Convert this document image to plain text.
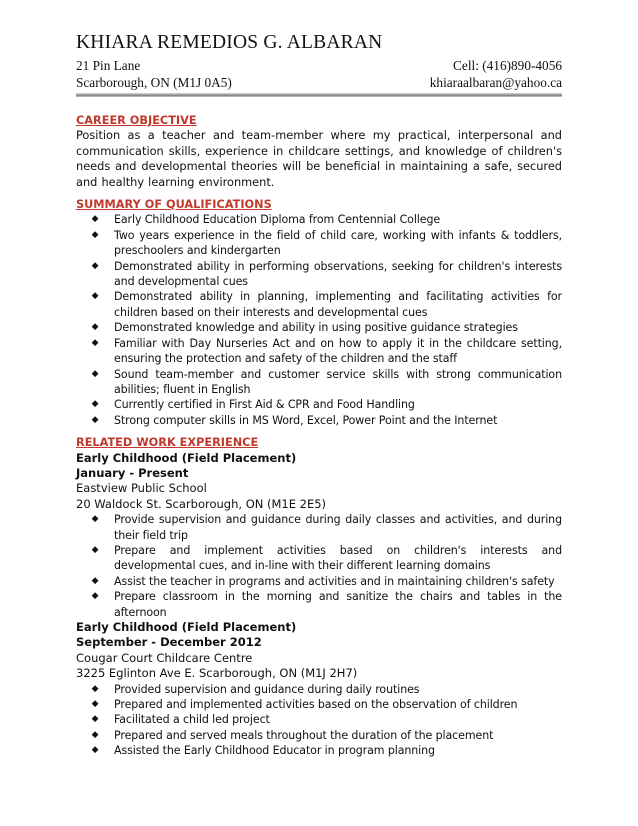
KHIARA REMEDIOS G. ALBARAN
21 Pin Lane
Scarborough, ON (M1J 0A5)
Cell: (416)890-4056
khiaraalbaran@yahoo.ca
CAREER OBJECTIVE
Position as a teacher and team-member where my practical, interpersonal and communication skills, experience in childcare settings, and knowledge of children's needs and developmental theories will be beneficial in maintaining a safe, secured and healthy learning environment.
SUMMARY OF QUALIFICATIONS
◆ Early Childhood Education Diploma from Centennial College
◆ Two years experience in the field of child care, working with infants & toddlers, preschoolers and kindergarten
◆ Demonstrated ability in performing observations, seeking for children's interests and developmental cues
◆ Demonstrated ability in planning, implementing and facilitating activities for children based on their interests and developmental cues
◆ Demonstrated knowledge and ability in using positive guidance strategies
◆ Familiar with Day Nurseries Act and on how to apply it in the childcare setting, ensuring the protection and safety of the children and the staff
◆ Sound team-member and customer service skills with strong communication abilities; fluent in English
◆ Currently certified in First Aid & CPR and Food Handling
◆ Strong computer skills in MS Word, Excel, Power Point and the Internet
RELATED WORK EXPERIENCE
Early Childhood (Field Placement)
January - Present
Eastview Public School
20 Waldock St. Scarborough, ON (M1E 2E5)
◆ Provide supervision and guidance during daily classes and activities, and during their field trip
◆ Prepare and implement activities based on children's interests and developmental cues, and in-line with their different learning domains
◆ Assist the teacher in programs and activities and in maintaining children's safety
◆ Prepare classroom in the morning and sanitize the chairs and tables in the afternoon
Early Childhood (Field Placement)
September - December 2012
Cougar Court Childcare Centre
3225 Eglinton Ave E. Scarborough, ON (M1J 2H7)
◆ Provided supervision and guidance during daily routines
◆ Prepared and implemented activities based on the observation of children
◆ Facilitated a child led project
◆ Prepared and served meals throughout the duration of the placement
◆ Assisted the Early Childhood Educator in program planning
